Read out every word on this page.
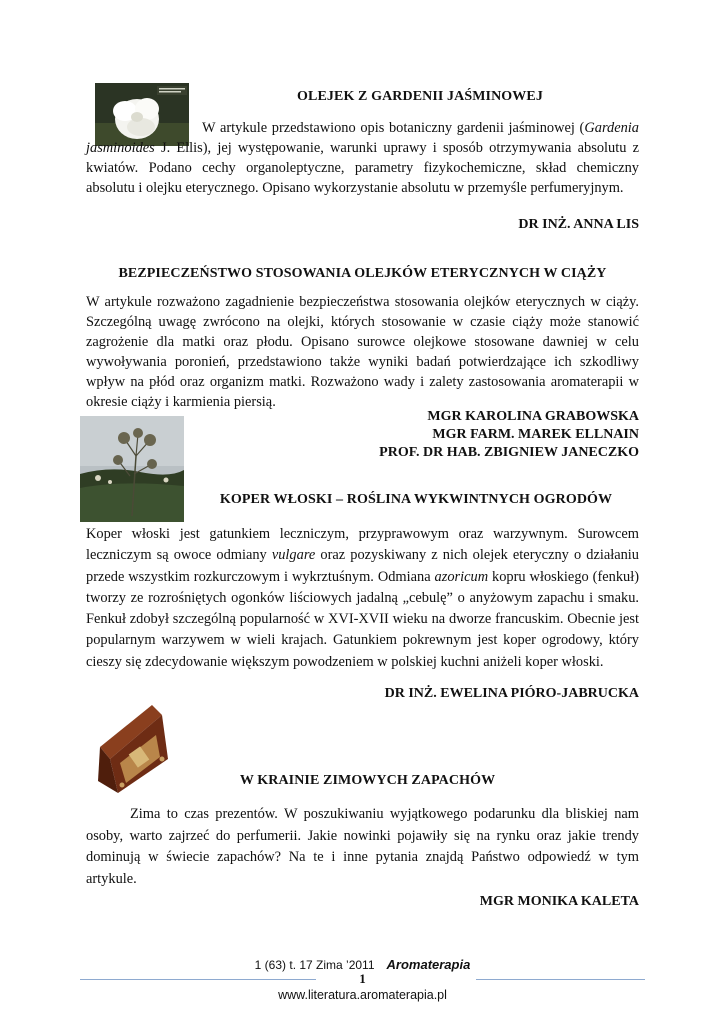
OLEJEK Z GARDENII JAŚMINOWEJ

W artykule przedstawiono opis botaniczny gardenii jaśminowej (Gardenia jasminoides J. Ellis), jej występowanie, warunki uprawy i sposób otrzymywania absolutu z kwiatów. Podano cechy organoleptyczne, parametry fizykochemiczne, skład chemiczny absolutu i olejku eterycznego. Opisano wykorzystanie absolutu w przemyśle perfumeryjnym.

DR INŻ. ANNA LIS

BEZPIECZEŃSTWO STOSOWANIA OLEJKÓW ETERYCZNYCH W CIĄŻY

W artykule rozważono zagadnienie bezpieczeństwa stosowania olejków eterycznych w ciąży. Szczególną uwagę zwrócono na olejki, których stosowanie w czasie ciąży może stanowić zagrożenie dla matki oraz płodu. Opisano surowce olejkowe stosowane dawniej w celu wywoływania poronień, przedstawiono także wyniki badań potwierdzające ich szkodliwy wpływ na płód oraz organizm matki. Rozważono wady i zalety zastosowania aromaterapii w okresie ciąży i karmienia piersią.

MGR KAROLINA GRABOWSKA

MGR FARM. MAREK ELLNAIN

PROF. DR HAB. ZBIGNIEW JANECZKO

KOPER WŁOSKI – ROŚLINA WYKWINTNYCH OGRODÓW

Koper włoski jest gatunkiem leczniczym, przyprawowym oraz warzywnym. Surowcem leczniczym są owoce odmiany vulgare oraz pozyskiwany z nich olejek eteryczny o działaniu przede wszystkim rozkurczowym i wykrztuśnym. Odmiana azoricum kopru włoskiego (fenkuł) tworzy ze rozrośniętych ogonków liściowych jadalną „cebulę” o anyżowym zapachu i smaku. Fenkuł zdobył szczególną popularność w XVI-XVII wieku na dworze francuskim. Obecnie jest popularnym warzywem w wieli krajach. Gatunkiem pokrewnym jest koper ogrodowy, który cieszy się zdecydowanie większym powodzeniem w polskiej kuchni aniżeli koper włoski.

DR INŻ. EWELINA PIÓRO-JABRUCKA

W KRAINIE ZIMOWYCH ZAPACHÓW

Zima to czas prezentów. W poszukiwaniu wyjątkowego podarunku dla bliskiej nam osoby, warto zajrzeć do perfumerii. Jakie nowinki pojawiły się na rynku oraz jakie trendy dominują w świecie zapachów? Na te i inne pytania znajdą Państwo odpowiedź w tym artykule.

MGR MONIKA KALETA

1 (63) t. 17 Zima ’2011 Aromaterapia
1
www.literatura.aromaterapia.pl
